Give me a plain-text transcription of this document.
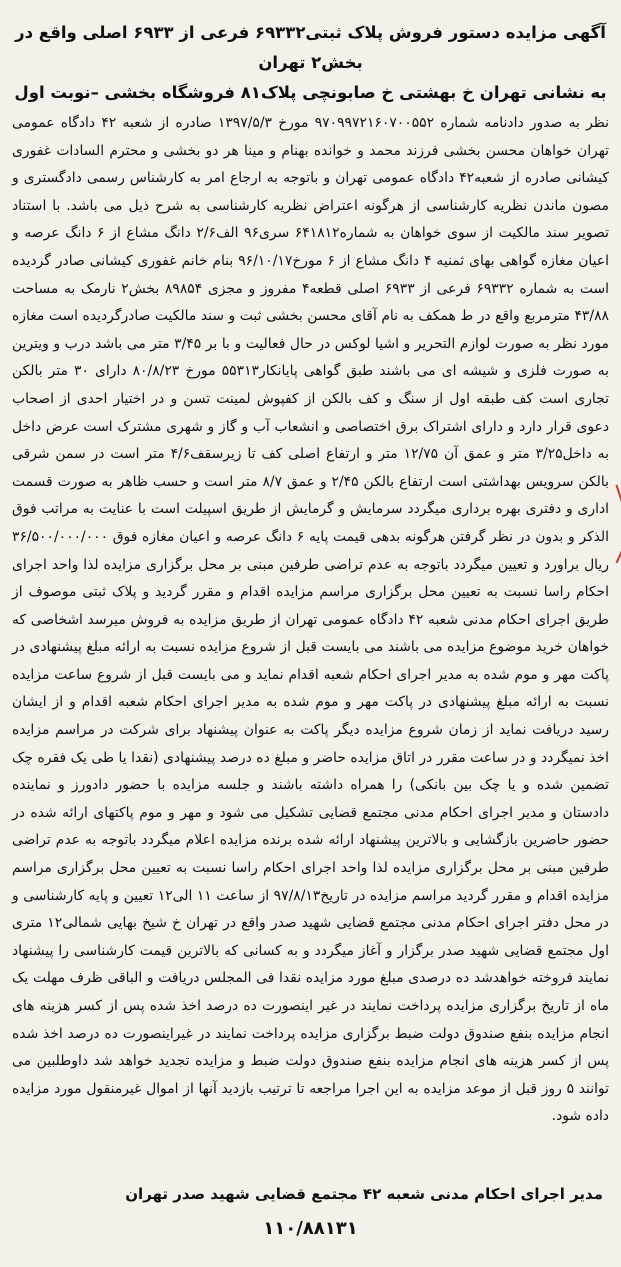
آگهی مزایده دستور فروش پلاک ثبتی۶۹۳۳۲ فرعی از ۶۹۳۳ اصلی واقع در بخش۲ تهران
به نشانی تهران خ بهشتی خ صابونچی پلاک۸۱ فروشگاه بخشی –نوبت اول

نظر به صدور دادنامه شماره ۹۷۰۹۹۷۲۱۶۰۷۰۰۵۵۲ مورخ ۱۳۹۷/۵/۳ صادره از شعبه ۴۲ دادگاه عمومی تهران خواهان محسن بخشی فرزند محمد و خوانده بهنام و مینا هر دو بخشی و محترم السادات غفوری کیشانی صادره از شعبه۴۲ دادگاه عمومی تهران و باتوجه به ارجاع امر به کارشناس رسمی دادگستری و مصون ماندن نظریه کارشناسی از هرگونه اعتراض نظریه کارشناسی به شرح ذیل می باشد. با استناد تصویر سند مالکیت از سوی خواهان به شماره۶۴۱۸۱۲ سری۹۶ الف۲/۶ دانگ مشاع از ۶ دانگ عرصه و اعیان مغازه گواهی بهای ثمنیه ۴ دانگ مشاع از ۶ مورخ۹۶/۱۰/۱۷ بنام خانم غفوری کیشانی صادر گردیده است به شماره ۶۹۳۳۲ فرعی از ۶۹۳۳ اصلی قطعه۴ مفروز و مجزی ۸۹۸۵۴ بخش۲ نارمک به مساحت ۴۳/۸۸ مترمربع واقع در ط همکف به نام آقای محسن بخشی ثبت و سند مالکیت صادرگردیده است مغازه مورد نظر به صورت لوازم التحریر و اشیا لوکس در حال فعالیت و با بر ۳/۴۵ متر می باشد درب و ویترین به صورت فلزی و شیشه ای می باشند طبق گواهی پایانکار۵۵۳۱۳ مورخ ۸۰/۸/۲۳ دارای ۳۰ متر بالکن تجاری است کف طبقه اول از سنگ و کف بالکن از کفپوش لمینت تسن و در اختیار احدی از اصحاب دعوی قرار دارد و دارای اشتراک برق اختصاصی و انشعاب آب و گاز و شهری مشترک است عرض داخل به داخل۳/۲۵ متر و عمق آن ۱۲/۷۵ متر و ارتفاع اصلی کف تا زیرسقف۴/۶ متر است در سمن شرقی بالکن سرویس بهداشتی است ارتفاع بالکن ۲/۴۵ و عمق ۸/۷ متر است و حسب ظاهر به صورت قسمت اداری و دفتری بهره برداری میگردد سرمایش و گرمایش از طریق اسپیلت است با عنایت به مراتب فوق الذکر و بدون در نظر گرفتن هرگونه بدهی قیمت پایه ۶ دانگ عرصه و اعیان مغازه فوق ۳۶/۵۰۰/۰۰۰/۰۰۰ ریال براورد و تعیین میگردد باتوجه به عدم تراضی طرفین مبنی بر محل برگزاری مزایده لذا واحد اجرای احکام راسا نسبت به تعیین محل برگزاری مراسم مزایده اقدام و مقرر گردید و پلاک ثبتی موصوف از طریق اجرای احکام مدنی شعبه ۴۲ دادگاه عمومی تهران از طریق مزایده به فروش میرسد اشخاصی که خواهان خرید موضوع مزایده می باشند می بایست قبل از شروع مزایده نسبت به ارائه مبلغ پیشنهادی در پاکت مهر و موم شده به مدیر اجرای احکام شعبه اقدام نماید و می بایست قبل از شروع ساعت مزایده نسبت به ارائه مبلغ پیشنهادی در پاکت مهر و موم شده به مدیر اجرای احکام شعبه اقدام و از ایشان رسید دریافت نماید از زمان شروع مزایده دیگر پاکت به عنوان پیشنهاد برای شرکت در مراسم مزایده اخذ نمیگردد و در ساعت مقرر در اتاق مزایده حاضر و مبلغ ده درصد پیشنهادی (نقدا یا طی یک فقره چک تضمین شده و یا چک بین بانکی) را همراه داشته باشند و جلسه مزایده با حضور دادورز و نماینده دادستان و مدیر اجرای احکام مدنی مجتمع قضایی تشکیل می شود و مهر و موم پاکتهای ارائه شده در حضور حاضرین بازگشایی و بالاترین پیشنهاد ارائه شده برنده مزایده اعلام میگردد باتوجه به عدم تراضی طرفین مبنی بر محل برگزاری مزایده لذا واحد اجرای احکام راسا نسبت به تعیین محل برگزاری مراسم مزایده اقدام و مقرر گردید مراسم مزایده در تاریخ۹۷/۸/۱۳ از ساعت ۱۱ الی۱۲ تعیین و پایه کارشناسی و در محل دفتر اجرای احکام مدنی مجتمع قضایی شهید صدر واقع در تهران خ شیخ بهایی شمالی۱۲ متری اول مجتمع قضایی شهید صدر برگزار و آغاز میگردد و به کسانی که بالاترین قیمت کارشناسی را پیشنهاد نمایند فروخته خواهدشد ده درصدی مبلغ مورد مزایده نقدا فی المجلس دریافت و الباقی ظرف مهلت یک ماه از تاریخ برگزاری مزایده پرداخت نمایند در غیر اینصورت ده درصد اخذ شده پس از کسر هزینه های انجام مزایده بنفع صندوق دولت ضبط برگزاری مزایده پرداخت نمایند در غیراینصورت ده درصد اخذ شده پس از کسر هزینه های انجام مزایده بنفع صندوق دولت ضبط و مزایده تجدید خواهد شد داوطلبین می توانند ۵ روز قبل از موعد مزایده به این اجرا مراجعه تا ترتیب بازدید آنها از اموال غیرمنقول مورد مزایده داده شود.

مدیر اجرای احکام مدنی شعبه ۴۲ مجتمع قضایی شهید صدر تهران
۱۱۰/۸۸۱۳۱
